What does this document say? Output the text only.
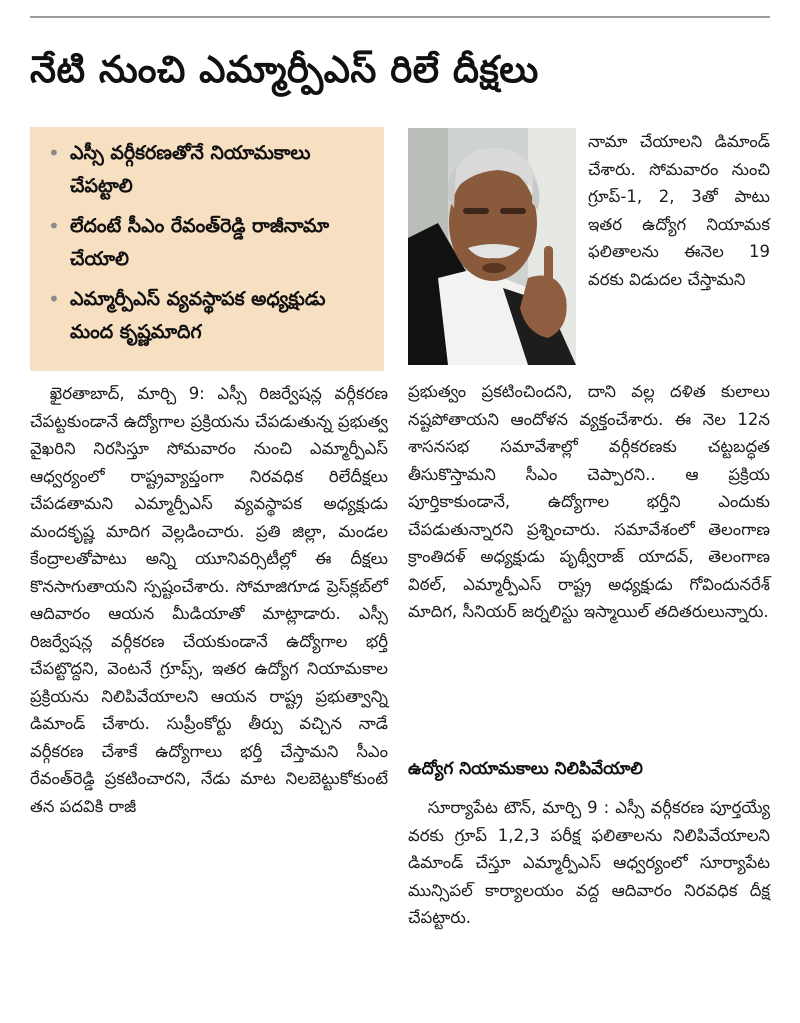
నేటి నుంచి ఎమ్మార్పీఎస్ రిలే దీక్షలు
• ఎస్సీ వర్గీకరణతోనే నియామకాలు చేపట్టాలి
• లేదంటే సీఎం రేవంత్‌రెడ్డి రాజీనామా చేయాలి
• ఎమ్మార్పీఎస్ వ్యవస్థాపక అధ్యక్షుడు మంద కృష్ణమాదిగ
ఖైరతాబాద్, మార్చి 9: ఎస్సీ రిజర్వేషన్ల వర్గీకరణ చేపట్టకుండానే ఉద్యోగాల ప్రక్రియను చేపడుతున్న ప్రభుత్వ వైఖరిని నిరసిస్తూ సోమవారం నుంచి ఎమ్మార్పీఎస్ ఆధ్వర్యంలో రాష్ట్రవ్యాప్తంగా నిరవధిక రిలేదీక్షలు చేపడతామని ఎమ్మార్పీఎస్ వ్యవస్థాపక అధ్యక్షుడు మందకృష్ణ మాదిగ వెల్లడించారు. ప్రతి జిల్లా, మండల కేంద్రాలతోపాటు అన్ని యూనివర్సిటీల్లో ఈ దీక్షలు కొనసాగుతాయని స్పష్టంచేశారు. సోమాజిగూడ ప్రెస్‌క్లబ్‌లో ఆదివారం ఆయన మీడియాతో మాట్లాడారు. ఎస్సీ రిజర్వేషన్ల వర్గీకరణ చేయకుండానే ఉద్యోగాల భర్తీ చేపట్టొద్దని, వెంటనే గ్రూప్స్, ఇతర ఉద్యోగ నియామకాల ప్రక్రియను నిలిపివేయాలని ఆయన రాష్ట్ర ప్రభుత్వాన్ని డిమాండ్ చేశారు. సుప్రీంకోర్టు తీర్పు వచ్చిన నాడే వర్గీకరణ చేశాకే ఉద్యోగాలు భర్తీ చేస్తామని సీఎం రేవంత్‌రెడ్డి ప్రకటించారని, నేడు మాట నిలబెట్టుకోకుంటే తన పదవికి రాజీ
నామా చేయాలని డిమాండ్ చేశారు. సోమవారం నుంచి గ్రూప్-1, 2, 3తో పాటు ఇతర ఉద్యోగ నియామక ఫలితాలను ఈనెల 19 వరకు విడుదల చేస్తామని
ప్రభుత్వం ప్రకటించిందని, దాని వల్ల దళిత కులాలు నష్టపోతాయని ఆందోళన వ్యక్తంచేశారు. ఈ నెల 12న శాసనసభ సమావేశాల్లో వర్గీకరణకు చట్టబద్ధత తీసుకొస్తామని సీఎం చెప్పారని.. ఆ ప్రక్రియ పూర్తికాకుండానే, ఉద్యోగాల భర్తీని ఎందుకు చేపడుతున్నారని ప్రశ్నించారు. సమావేశంలో తెలంగాణ క్రాంతిదళ్ అధ్యక్షుడు పృథ్వీరాజ్ యాదవ్, తెలంగాణ విఠల్, ఎమ్మార్పీఎస్ రాష్ట్ర అధ్యక్షుడు గోవిందునరేశ్ మాదిగ, సీనియర్ జర్నలిస్టు ఇస్మాయిల్ తదితరులున్నారు.
ఉద్యోగ నియామకాలు నిలిపివేయాలి
సూర్యాపేట టౌన్, మార్చి 9 : ఎస్సీ వర్గీకరణ పూర్తయ్యే వరకు గ్రూప్ 1,2,3 పరీక్ష ఫలితాలను నిలిపివేయాలని డిమాండ్ చేస్తూ ఎమ్మార్పీఎస్ ఆధ్వర్యంలో సూర్యాపేట మున్సిపల్ కార్యాలయం వద్ద ఆదివారం నిరవధిక దీక్ష చేపట్టారు.
